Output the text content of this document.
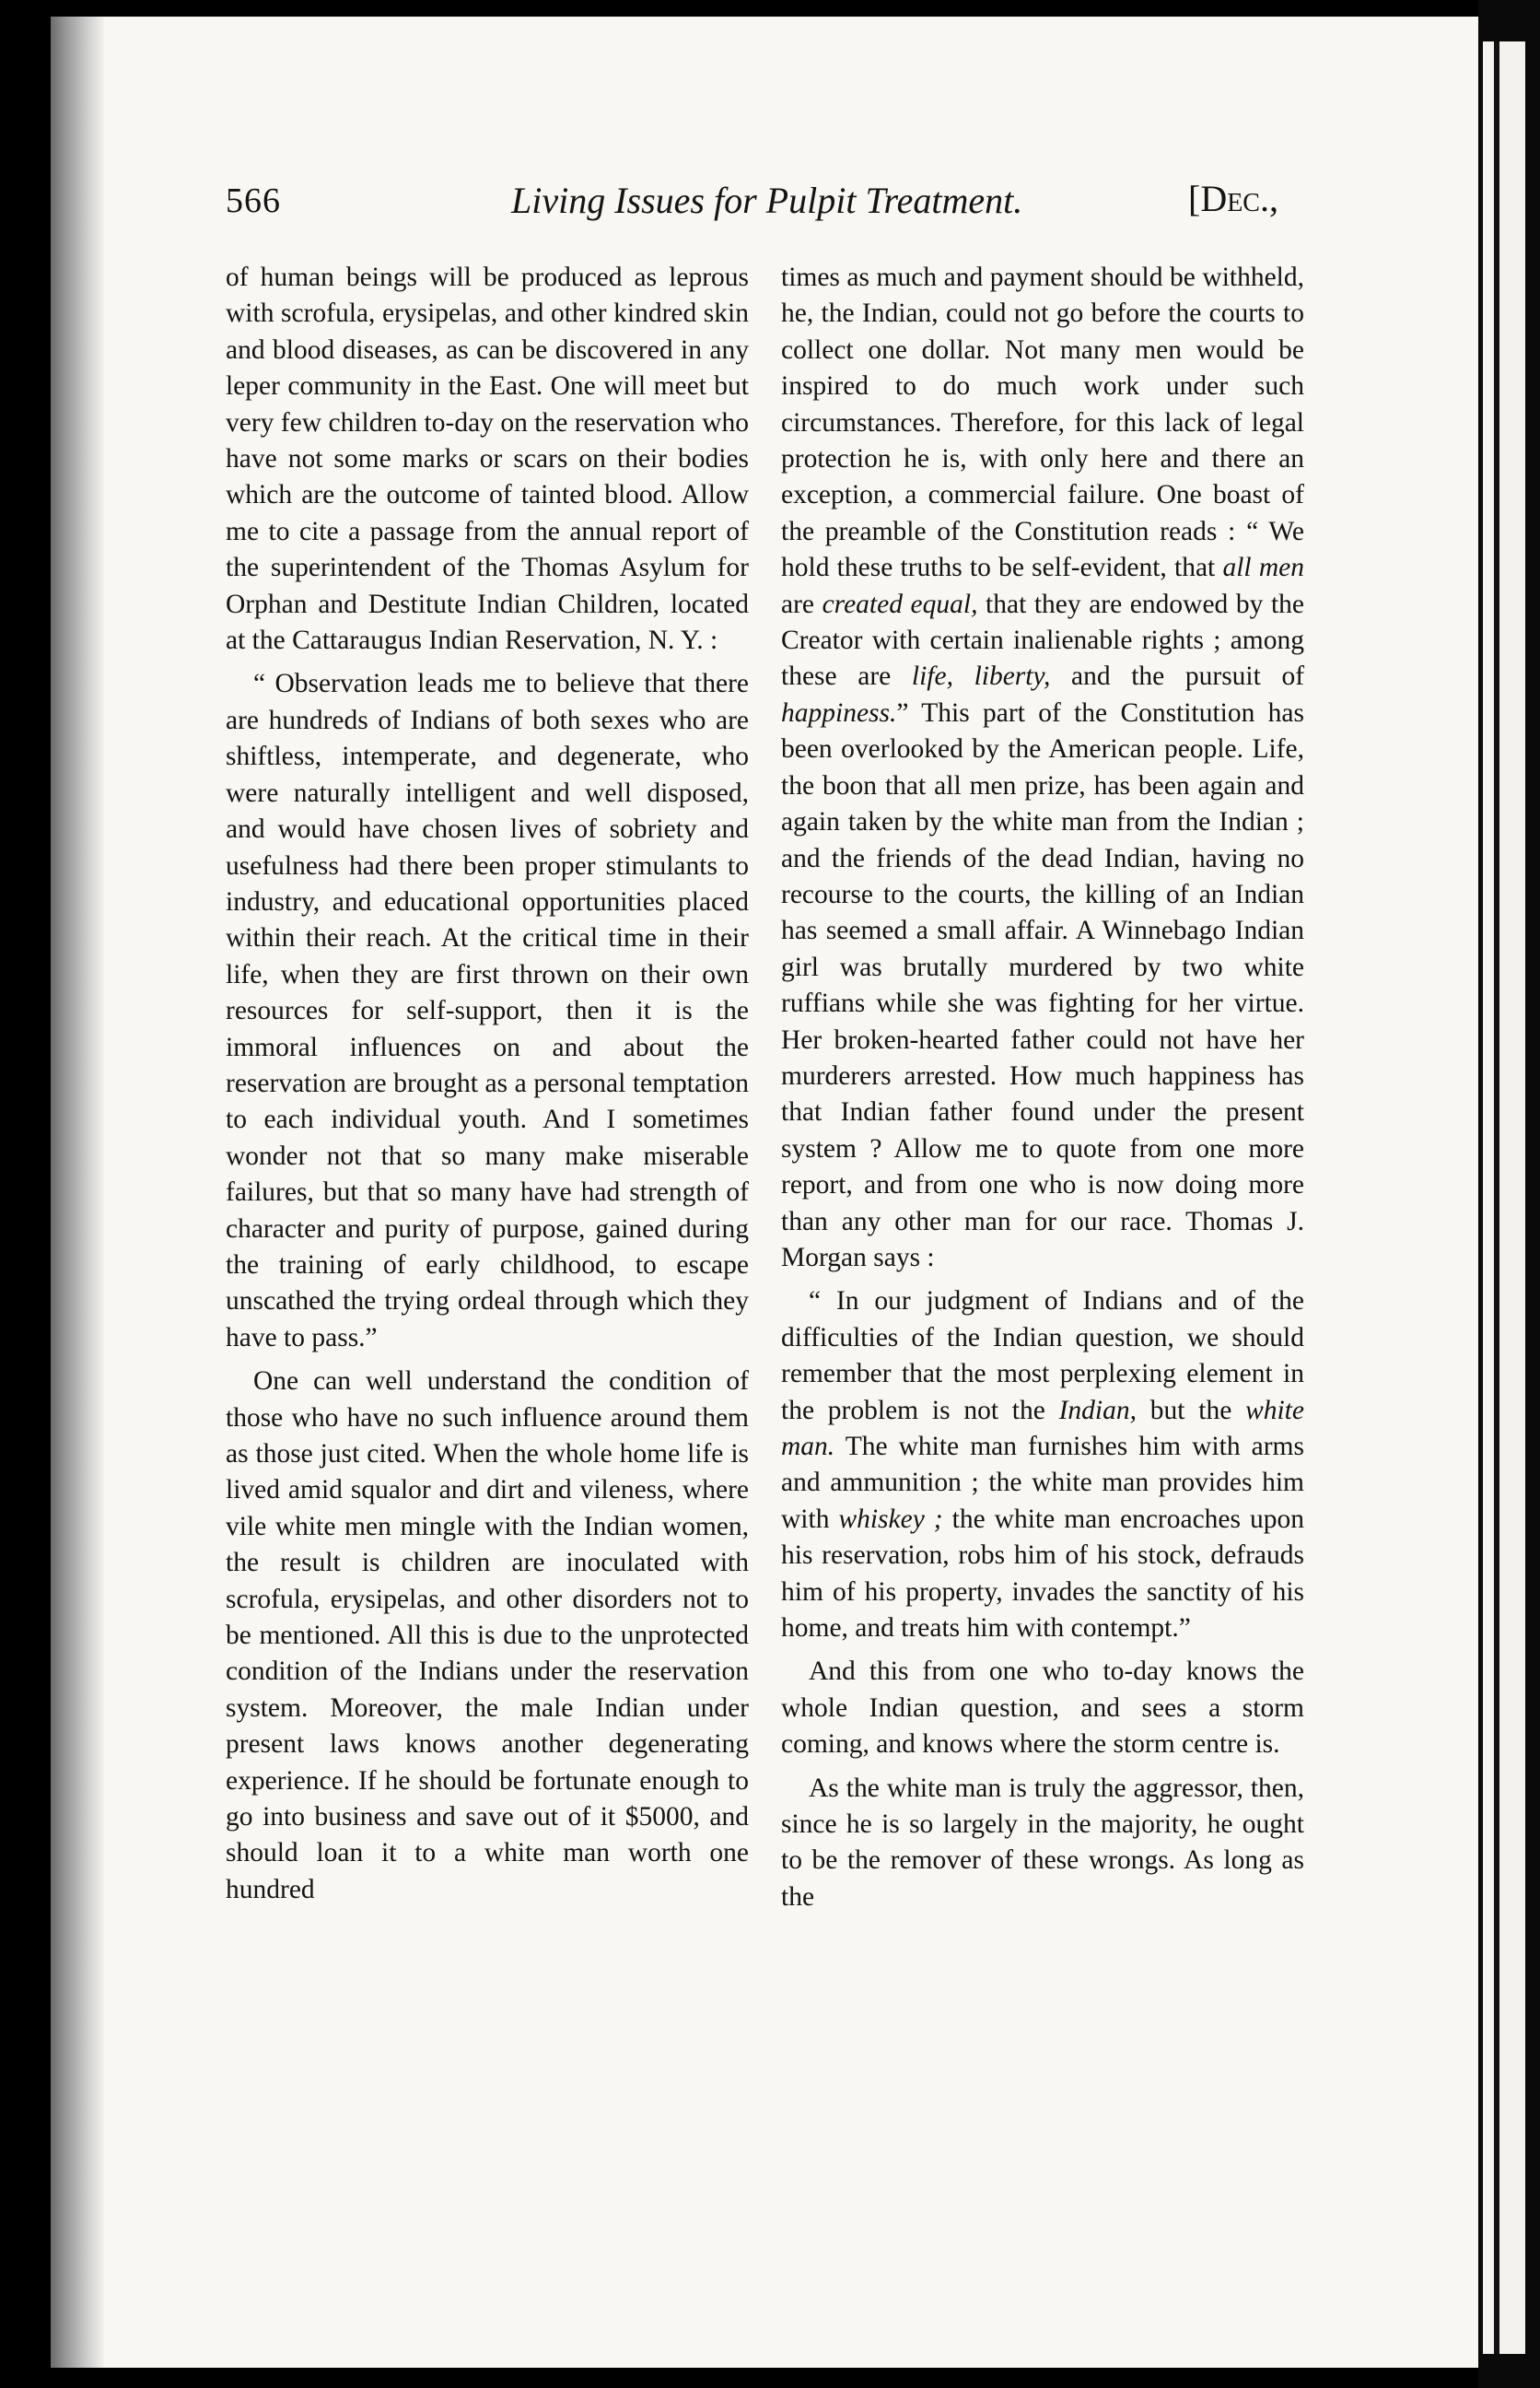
566	Living Issues for Pulpit Treatment.	[Dec.,

of human beings will be produced as leprous with scrofula, erysipelas, and other kindred skin and blood diseases, as can be discovered in any leper community in the East. One will meet but very few children to-day on the reservation who have not some marks or scars on their bodies which are the outcome of tainted blood. Allow me to cite a passage from the annual report of the superintendent of the Thomas Asylum for Orphan and Destitute Indian Children, located at the Cattaraugus Indian Reservation, N. Y. :

“ Observation leads me to believe that there are hundreds of Indians of both sexes who are shiftless, intemperate, and degenerate, who were naturally intelligent and well disposed, and would have chosen lives of sobriety and usefulness had there been proper stimulants to industry, and educational opportunities placed within their reach. At the critical time in their life, when they are first thrown on their own resources for self-support, then it is the immoral influences on and about the reservation are brought as a personal temptation to each individual youth. And I sometimes wonder not that so many make miserable failures, but that so many have had strength of character and purity of purpose, gained during the training of early childhood, to escape unscathed the trying ordeal through which they have to pass.”

One can well understand the condition of those who have no such influence around them as those just cited. When the whole home life is lived amid squalor and dirt and vileness, where vile white men mingle with the Indian women, the result is children are inoculated with scrofula, erysipelas, and other disorders not to be mentioned. All this is due to the unprotected condition of the Indians under the reservation system. Moreover, the male Indian under present laws knows another degenerating experience. If he should be fortunate enough to go into business and save out of it $5000, and should loan it to a white man worth one hundred

times as much and payment should be withheld, he, the Indian, could not go before the courts to collect one dollar. Not many men would be inspired to do much work under such circumstances. Therefore, for this lack of legal protection he is, with only here and there an exception, a commercial failure. One boast of the preamble of the Constitution reads : “ We hold these truths to be self-evident, that all men are created equal, that they are endowed by the Creator with certain inalienable rights ; among these are life, liberty, and the pursuit of happiness.” This part of the Constitution has been overlooked by the American people. Life, the boon that all men prize, has been again and again taken by the white man from the Indian ; and the friends of the dead Indian, having no recourse to the courts, the killing of an Indian has seemed a small affair. A Winnebago Indian girl was brutally murdered by two white ruffians while she was fighting for her virtue. Her broken-hearted father could not have her murderers arrested. How much happiness has that Indian father found under the present system ? Allow me to quote from one more report, and from one who is now doing more than any other man for our race. Thomas J. Morgan says :

“ In our judgment of Indians and of the difficulties of the Indian question, we should remember that the most perplexing element in the problem is not the Indian, but the white man. The white man furnishes him with arms and ammunition ; the white man provides him with whiskey ; the white man encroaches upon his reservation, robs him of his stock, defrauds him of his property, invades the sanctity of his home, and treats him with contempt.”

And this from one who to-day knows the whole Indian question, and sees a storm coming, and knows where the storm centre is.

As the white man is truly the aggressor, then, since he is so largely in the majority, he ought to be the remover of these wrongs. As long as the
